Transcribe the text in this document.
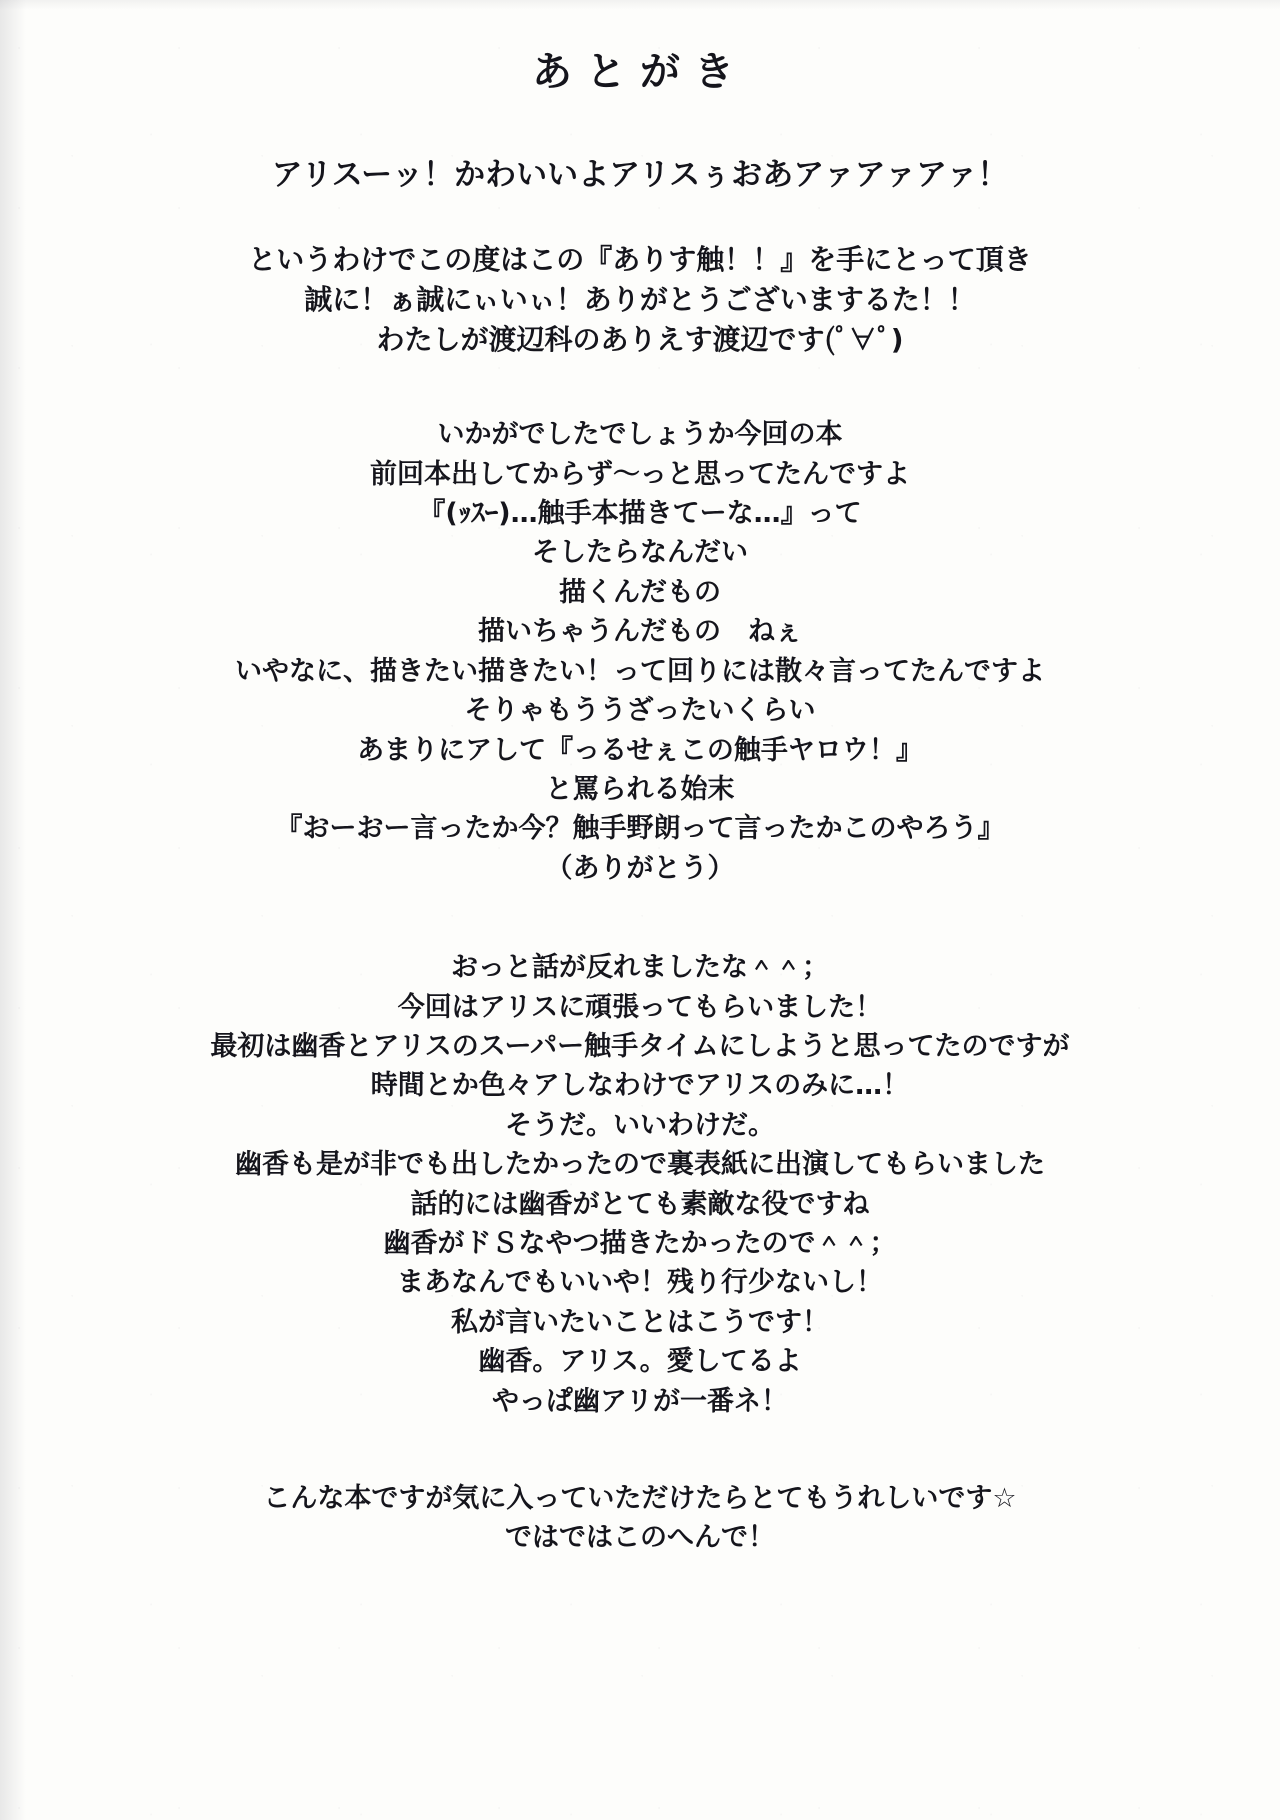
あとがき
アリスーッ！かわいいよアリスぅおあアァアァアァ！

というわけでこの度はこの『ありす触！！』を手にとって頂き

誠に！ぁ誠にぃいぃ！ありがとうございまするた！！

わたしが渡辺科のありえす渡辺です(ﾟ∀ﾟ)

いかがでしたでしょうか今回の本

前回本出してからず～っと思ってたんですよ

『(ｯｽｰ)…触手本描きてーな…』って

そしたらなんだい

描くんだもの

描いちゃうんだもの　ねぇ

いやなに、描きたい描きたい！って回りには散々言ってたんですよ

そりゃもううざったいくらい

あまりにアして『っるせぇこの触手ヤロウ！』

と罵られる始末

『おーおー言ったか今？触手野朗って言ったかこのやろう』

（ありがとう）

おっと話が反れましたな＾＾；

今回はアリスに頑張ってもらいました！

最初は幽香とアリスのスーパー触手タイムにしようと思ってたのですが

時間とか色々アしなわけでアリスのみに…！

そうだ。いいわけだ。

幽香も是が非でも出したかったので裏表紙に出演してもらいました

話的には幽香がとても素敵な役ですね

幽香がドＳなやつ描きたかったので＾＾；

まあなんでもいいや！残り行少ないし！

私が言いたいことはこうです！

幽香。アリス。愛してるよ

やっぱ幽アリが一番ネ！

こんな本ですが気に入っていただけたらとてもうれしいです☆

ではではこのへんで！
